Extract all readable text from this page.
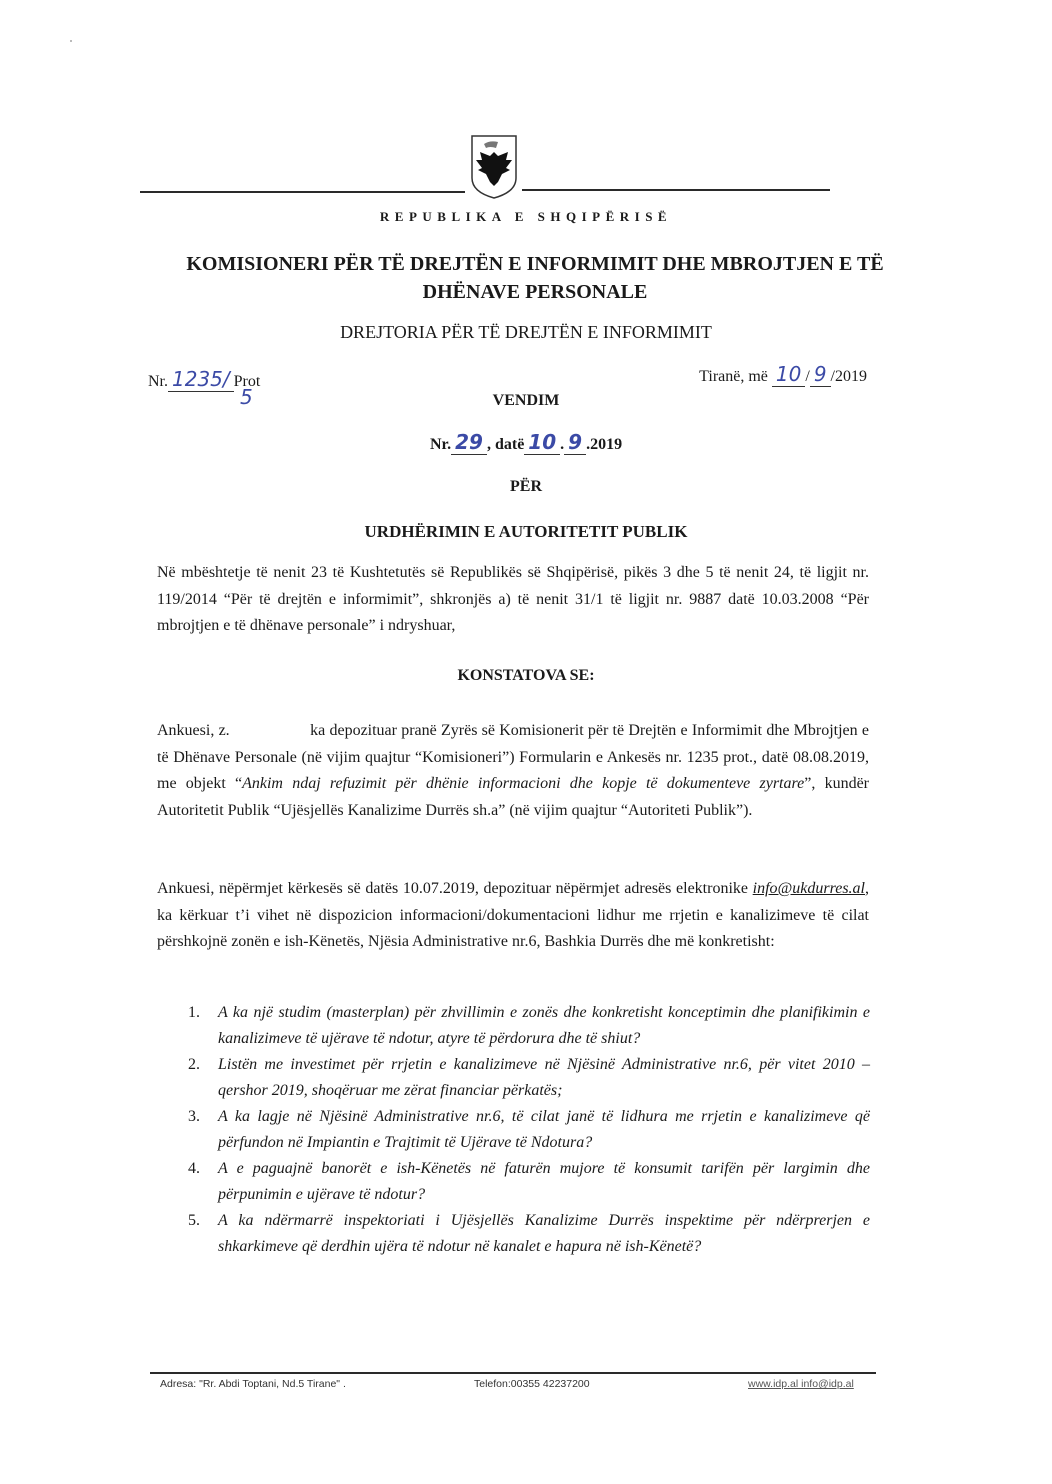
REPUBLIKA E SHQIPËRISË
KOMISIONERI PËR TË DREJTËN E INFORMIMIT DHE MBROJTJEN E TË DHËNAVE PERSONALE
DREJTORIA PËR TË DREJTËN E INFORMIMIT
Nr. 1235/ Prot
5
Tiranë, më 10 / 9 /2019
VENDIM
Nr. 29 , datë 10 . 9 .2019
PËR
URDHËRIMIN E AUTORITETIT PUBLIK
Në mbështetje të nenit 23 të Kushtetutës së Republikës së Shqipërisë, pikës 3 dhe 5 të nenit 24, të ligjit nr. 119/2014 “Për të drejtën e informimit”, shkronjës a) të nenit 31/1 të ligjit nr. 9887 datë 10.03.2008 “Për mbrojtjen e të dhënave personale” i ndryshuar,
KONSTATOVA SE:
Ankuesi, z.                   ka depozituar pranë Zyrës së Komisionerit për të Drejtën e Informimit dhe Mbrojtjen e të Dhënave Personale (në vijim quajtur “Komisioneri”) Formularin e Ankesës nr. 1235 prot., datë 08.08.2019, me objekt “Ankim ndaj refuzimit për dhënie informacioni dhe kopje të dokumenteve zyrtare”, kundër Autoritetit Publik “Ujësjellës Kanalizime Durrës sh.a” (në vijim quajtur “Autoriteti Publik”).
Ankuesi, nëpërmjet kërkesës së datës 10.07.2019, depozituar nëpërmjet adresës elektronike info@ukdurres.al, ka kërkuar t’i vihet në dispozicion informacioni/dokumentacioni lidhur me rrjetin e kanalizimeve të cilat përshkojnë zonën e ish-Kënetës, Njësia Administrative nr.6, Bashkia Durrës dhe më konkretisht:
1. A ka një studim (masterplan) për zhvillimin e zonës dhe konkretisht konceptimin dhe planifikimin e kanalizimeve të ujërave të ndotur, atyre të përdorura dhe të shiut?
2. Listën me investimet për rrjetin e kanalizimeve në Njësinë Administrative nr.6, për vitet 2010 – qershor 2019, shoqëruar me zërat financiar përkatës;
3. A ka lagje në Njësinë Administrative nr.6, të cilat janë të lidhura me rrjetin e kanalizimeve që përfundon në Impiantin e Trajtimit të Ujërave të Ndotura?
4. A e paguajnë banorët e ish-Kënetës në faturën mujore të konsumit tarifën për largimin dhe përpunimin e ujërave të ndotur?
5. A ka ndërmarrë inspektoriati i Ujësjellës Kanalizime Durrës inspektime për ndërprerjen e shkarkimeve që derdhin ujëra të ndotur në kanalet e hapura në ish-Kënetë?
Adresa: "Rr. Abdi Toptani, Nd.5 Tirane" .	Telefon:00355 42237200	www.idp.al info@idp.al
